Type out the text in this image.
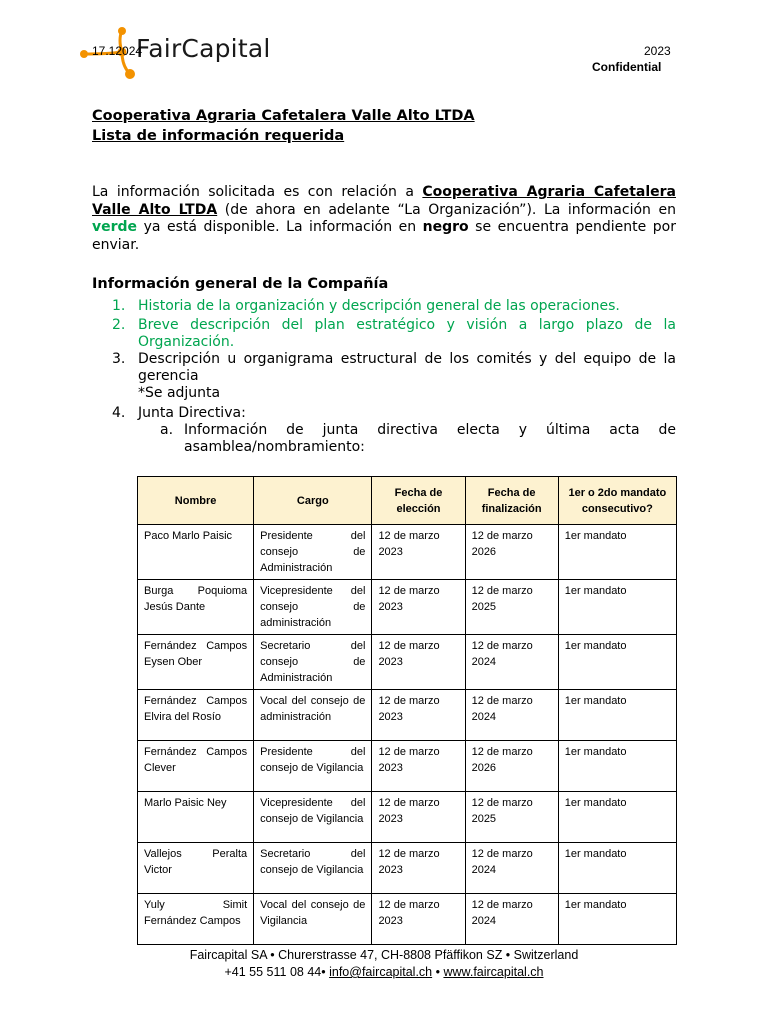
FairCapital
17.12024	2023
Confidential
Cooperativa Agraria Cafetalera Valle Alto LTDA
Lista de información requerida
La información solicitada es con relación a Cooperativa Agraria Cafetalera Valle Alto LTDA (de ahora en adelante “La Organización”). La información en verde ya está disponible. La información en negro se encuentra pendiente por enviar.
Información general de la Compañía
1. Historia de la organización y descripción general de las operaciones.
2. Breve descripción del plan estratégico y visión a largo plazo de la Organización.
3. Descripción u organigrama estructural de los comités y del equipo de la gerencia
*Se adjunta
4. Junta Directiva:
a. Información de junta directiva electa y última acta de asamblea/nombramiento:
Nombre	Cargo	Fecha de elección	Fecha de finalización	1er o 2do mandato consecutivo?
Paco Marlo Paisic	Presidente del consejo de Administración	12 de marzo 2023	12 de marzo 2026	1er mandato
Burga Poquioma Jesús Dante	Vicepresidente del consejo de administración	12 de marzo 2023	12 de marzo 2025	1er mandato
Fernández Campos Eysen Ober	Secretario del consejo de Administración	12 de marzo 2023	12 de marzo 2024	1er mandato
Fernández Campos Elvira del Rosío	Vocal del consejo de administración	12 de marzo 2023	12 de marzo 2024	1er mandato
Fernández Campos Clever	Presidente del consejo de Vigilancia	12 de marzo 2023	12 de marzo 2026	1er mandato
Marlo Paisic Ney	Vicepresidente del consejo de Vigilancia	12 de marzo 2023	12 de marzo 2025	1er mandato
Vallejos Peralta Victor	Secretario del consejo de Vigilancia	12 de marzo 2023	12 de marzo 2024	1er mandato
Yuly Simit Fernández Campos	Vocal del consejo de Vigilancia	12 de marzo 2023	12 de marzo 2024	1er mandato
Faircapital SA • Churerstrasse 47, CH-8808 Pfäffikon SZ • Switzerland
+41 55 511 08 44• info@faircapital.ch • www.faircapital.ch
